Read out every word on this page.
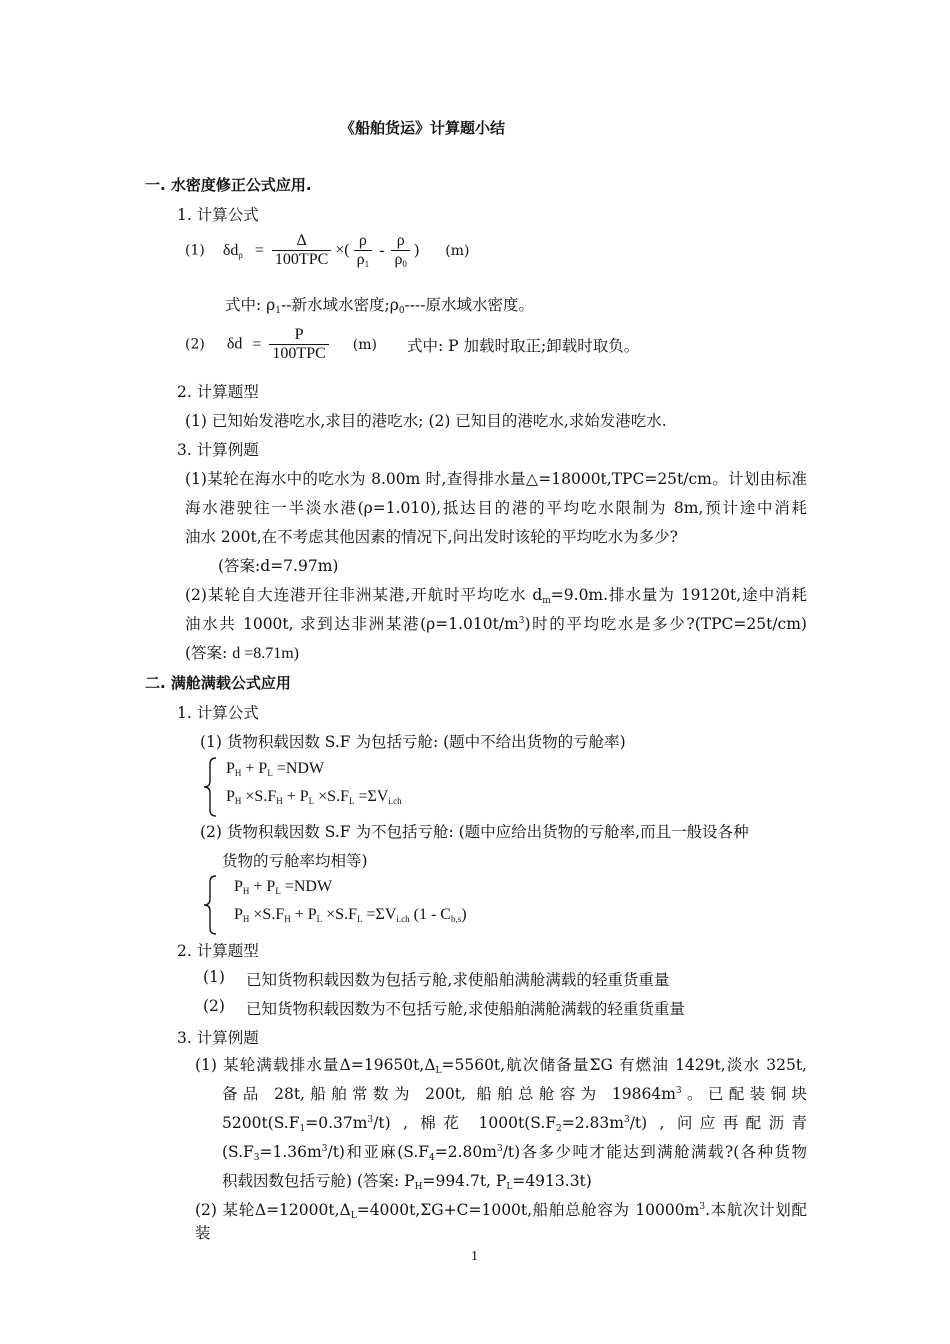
《船舶货运》计算题小结
一. 水密度修正公式应用.
1. 计算公式
(1) $\delta d_\rho = \frac{\Delta}{\text{100TPC}}$ ×( $\frac{\rho}{\rho_1} - \frac{\rho}{\rho_0}$ ) (m)
式中: $\rho_1--$新水域水密度$;\rho_0----$原水域水密度。
(2) $\delta d = \frac{P}{\text{100TPC}} (m)$ 式中: P 加载时取正;卸载时取负。
2. 计算题型
(1) 已知始发港吃水,求目的港吃水; (2) 已知目的港吃水,求始发港吃水.
3. 计算例题
(1)某轮在海水中的吃水为 8.00m 时,查得排水量△=18000t,TPC=25t/cm。计划由标准
海水港驶往一半淡水港(ρ=1.010),抵达目的港的平均吃水限制为 8m,预计途中消耗
油水 200t,在不考虑其他因素的情况下,问出发时该轮的平均吃水为多少?
(答案:d=7.97m)
(2)某轮自大连港开往非洲某港,开航时平均吃水 $d_m=9.0m$.排水量为 19120t,途中消耗
油水共 1000t, 求到达非洲某港$(\rho=1.010t/m^3)$时的平均吃水是多少?(TPC=25t/cm)
(答案: d =8.71m)
二. 满舱满载公式应用
1. 计算公式
(1) 货物积载因数 S.F 为包括亏舱: (题中不给出货物的亏舱率)
$P_H + P_L =NDW$
$P_H \times S.F_H + P_L \times S.F_L =\Sigma V_{i.ch}$
(2) 货物积载因数 S.F 为不包括亏舱: (题中应给出货物的亏舱率,而且一般设各种
货物的亏舱率均相等)
$P_H + P_L =NDW$
$P_H \times S.F_H + P_L \times S.F_L =\Sigma V_{i.ch}$ $(1 - C_{b,s})$
2. 计算题型
(1) 已知货物积载因数为包括亏舱,求使船舶满舱满载的轻重货重量
(2) 已知货物积载因数为不包括亏舱,求使船舶满舱满载的轻重货重量
3. 计算例题
(1) 某轮满载排水量$\Delta=19650t,\Delta_L=5560t$,航次储备量ΣG 有燃油 1429t,淡水 325t,
备品 28t,船舶常数为 200t, 船舶总舱容为 $19864m^3$。已配装铜块
$5200t(S.F_1=0.37m^3/t)$ , 棉花 $1000t(S.F_2=2.83m^3/t)$ , 问应再配沥青
$(S.F_3=1.36m^3/t)$和亚麻$(S.F_4=2.80m^3/t)$各多少吨才能达到满舱满载?(各种货物
积载因数包括亏舱) (答案: $P_H=994.7t$, $P_L=4913.3t$)
(2) 某轮$\Delta=12000t,\Delta_L=4000t,\Sigma G+C=1000t$,船舶总舱容为 $10000m^3$.本航次计划配装
1
